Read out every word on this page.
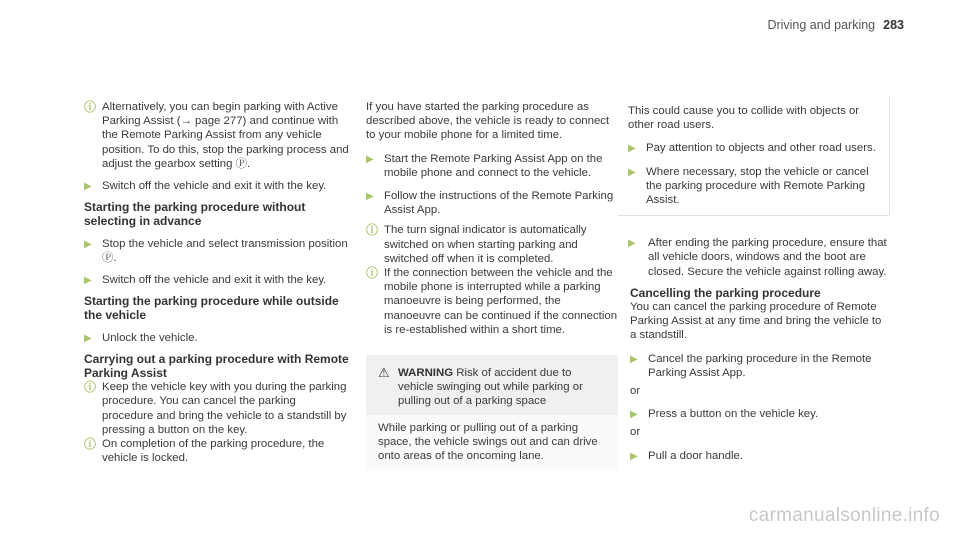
Driving and parking 283
ⓘ Alternatively, you can begin parking with Active Parking Assist (→ page 277) and continue with the Remote Parking Assist from any vehicle position. To do this, stop the parking process and adjust the gearbox setting Ⓟ.

▶ Switch off the vehicle and exit it with the key.

Starting the parking procedure without selecting in advance

▶ Stop the vehicle and select transmission position Ⓟ.

▶ Switch off the vehicle and exit it with the key.

Starting the parking procedure while outside the vehicle

▶ Unlock the vehicle.

Carrying out a parking procedure with Remote Parking Assist

ⓘ Keep the vehicle key with you during the parking procedure. You can cancel the parking procedure and bring the vehicle to a standstill by pressing a button on the key.

ⓘ On completion of the parking procedure, the vehicle is locked.

If you have started the parking procedure as described above, the vehicle is ready to connect to your mobile phone for a limited time.

▶ Start the Remote Parking Assist App on the mobile phone and connect to the vehicle.

▶ Follow the instructions of the Remote Parking Assist App.

ⓘ The turn signal indicator is automatically switched on when starting parking and switched off when it is completed.

ⓘ If the connection between the vehicle and the mobile phone is interrupted while a parking manoeuvre is being performed, the manoeuvre can be continued if the connection is re-established within a short time.

⚠ WARNING Risk of accident due to vehicle swinging out while parking or pulling out of a parking space

While parking or pulling out of a parking space, the vehicle swings out and can drive onto areas of the oncoming lane.

This could cause you to collide with objects or other road users.

▶ Pay attention to objects and other road users.

▶ Where necessary, stop the vehicle or cancel the parking procedure with Remote Parking Assist.

▶ After ending the parking procedure, ensure that all vehicle doors, windows and the boot are closed. Secure the vehicle against rolling away.

Cancelling the parking procedure

You can cancel the parking procedure of Remote Parking Assist at any time and bring the vehicle to a standstill.

▶ Cancel the parking procedure in the Remote Parking Assist App.

or

▶ Press a button on the vehicle key.

or

▶ Pull a door handle.

carmanualsonline.info
